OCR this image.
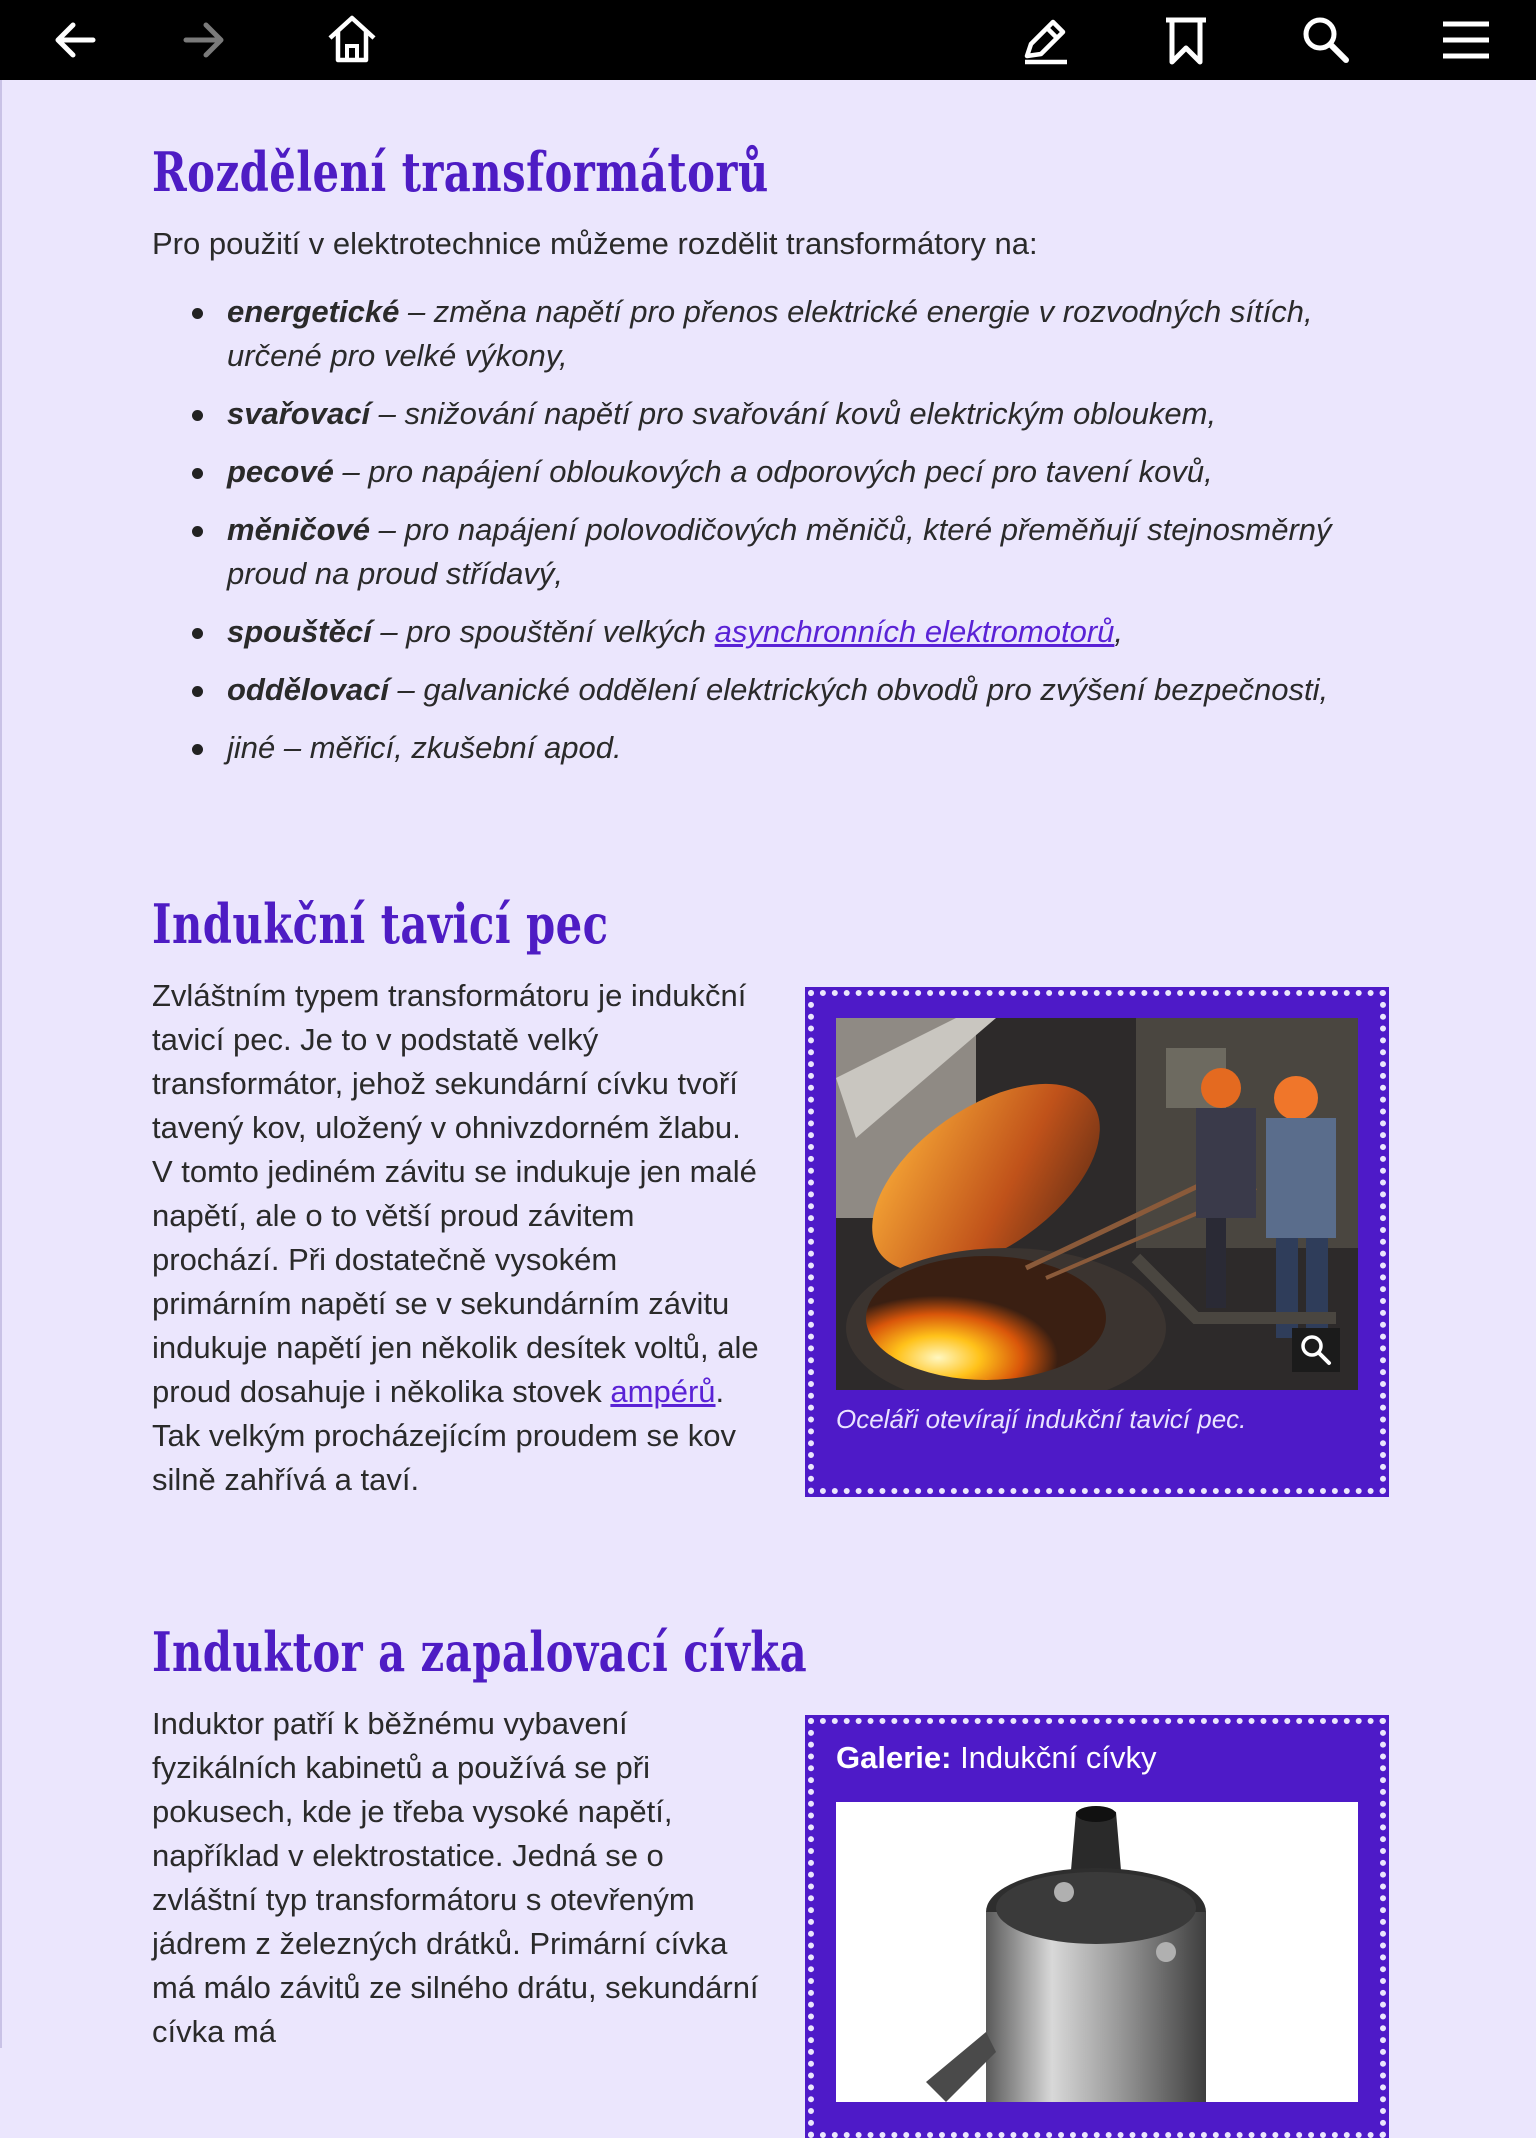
Rozdělení transformátorů

Pro použití v elektrotechnice můžeme rozdělit transformátory na:

energetické – změna napětí pro přenos elektrické energie v rozvodných sítích, určené pro velké výkony,
svařovací – snižování napětí pro svařování kovů elektrickým obloukem,
pecové – pro napájení obloukových a odporových pecí pro tavení kovů,
měničové – pro napájení polovodičových měničů, které přeměňují stejnosměrný proud na proud střídavý,
spouštěcí – pro spouštění velkých asynchronních elektromotorů,
oddělovací – galvanické oddělení elektrických obvodů pro zvýšení bezpečnosti,
jiné – měřicí, zkušební apod.
Indukční tavicí pec

Zvláštním typem transformátoru je indukční tavicí pec. Je to v podstatě velký transformátor, jehož sekundární cívku tvoří tavený kov, uložený v ohnivzdorném žlabu. V tomto jediném závitu se indukuje jen malé napětí, ale o to větší proud závitem prochází. Při dostatečně vysokém primárním napětí se v sekundárním závitu indukuje napětí jen několik desítek voltů, ale proud dosahuje i několika stovek ampérů. Tak velkým procházejícím proudem se kov silně zahřívá a taví.

Oceláři otevírají indukční tavicí pec.
Induktor a zapalovací cívka

Induktor patří k běžnému vybavení fyzikálních kabinetů a používá se při pokusech, kde je třeba vysoké napětí, například v elektrostatice. Jedná se o zvláštní typ transformátoru s otevřeným jádrem z železných drátků. Primární cívka má málo závitů ze silného drátu, sekundární cívka má

Galerie: Indukční cívky
